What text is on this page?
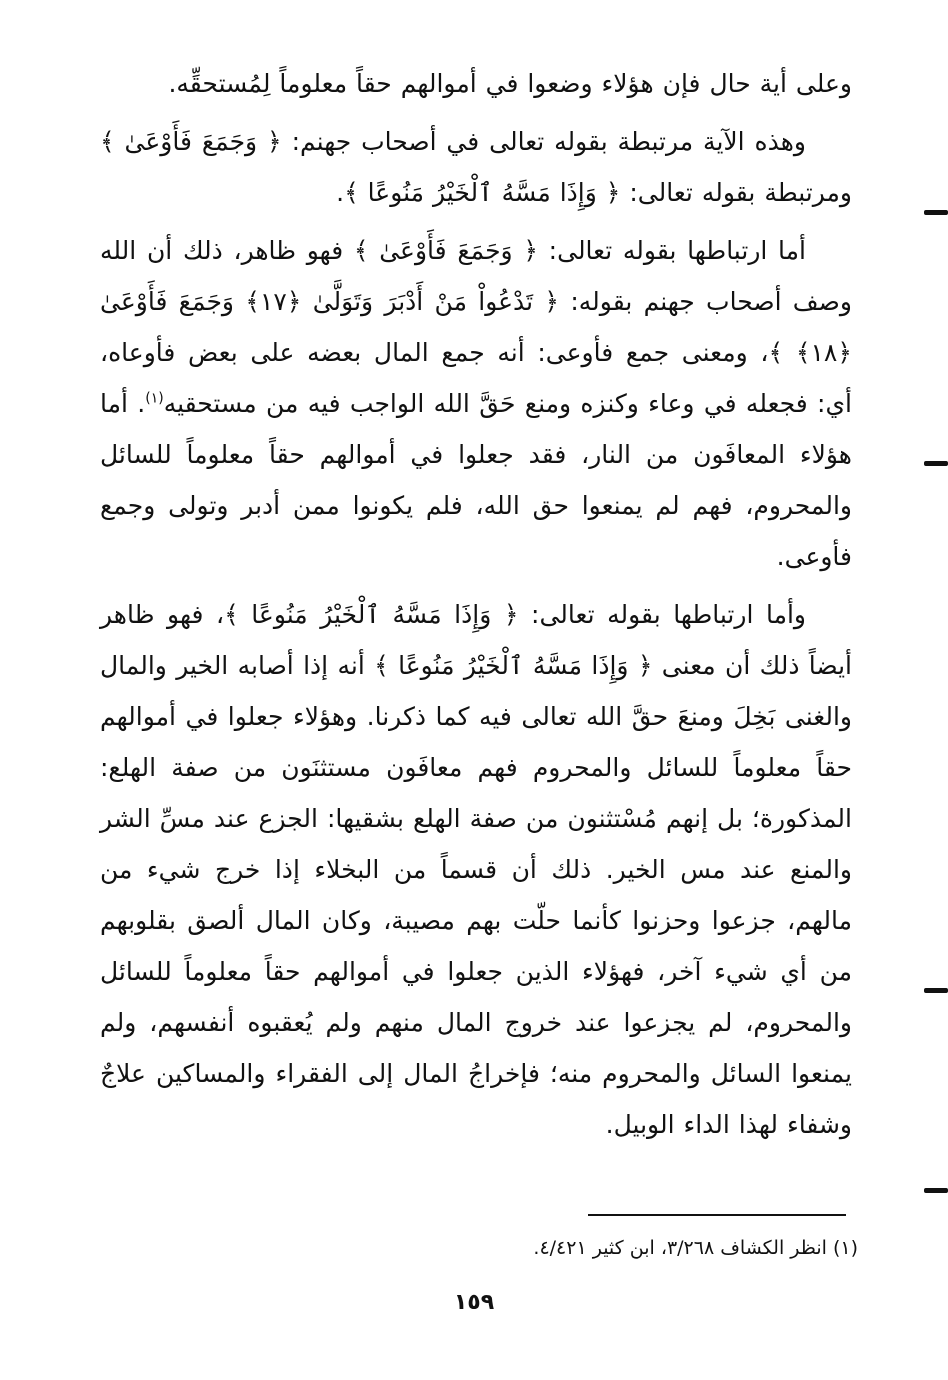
وعلى أية حال فإن هؤلاء وضعوا في أموالهم حقاً معلوماً لِمُستحقِّه.

وهذه الآية مرتبطة بقوله تعالى في أصحاب جهنم: ﴿ وَجَمَعَ فَأَوْعَىٰ ﴾ ومرتبطة بقوله تعالى: ﴿ وَإِذَا مَسَّهُ ٱلْخَيْرُ مَنُوعًا ﴾.

أما ارتباطها بقوله تعالى: ﴿ وَجَمَعَ فَأَوْعَىٰ ﴾ فهو ظاهر، ذلك أن الله وصف أصحاب جهنم بقوله: ﴿ تَدْعُواْ مَنْ أَدْبَرَ وَتَوَلَّىٰ ﴿١٧﴾ وَجَمَعَ فَأَوْعَىٰ ﴿١٨﴾ ﴾، ومعنى جمع فأوعى: أنه جمع المال بعضه على بعض فأوعاه، أي: فجعله في وعاء وكنزه ومنع حَقَّ الله الواجب فيه من مستحقيه$^{(١)}$. أما هؤلاء المعافَون من النار، فقد جعلوا في أموالهم حقاً معلوماً للسائل والمحروم، فهم لم يمنعوا حق الله، فلم يكونوا ممن أدبر وتولى وجمع فأوعى.

وأما ارتباطها بقوله تعالى: ﴿ وَإِذَا مَسَّهُ ٱلْخَيْرُ مَنُوعًا ﴾، فهو ظاهر أيضاً ذلك أن معنى ﴿ وَإِذَا مَسَّهُ ٱلْخَيْرُ مَنُوعًا ﴾ أنه إذا أصابه الخير والمال والغنى بَخِلَ ومنعَ حقَّ الله تعالى فيه كما ذكرنا. وهؤلاء جعلوا في أموالهم حقاً معلوماً للسائل والمحروم فهم معافَون مستثنَون من صفة الهلع: المذكورة؛ بل إنهم مُسْتثنون من صفة الهلع بشقيها: الجزع عند مسِّ الشر والمنع عند مس الخير. ذلك أن قسماً من البخلاء إذا خرج شيء من مالهم، جزعوا وحزنوا كأنما حلّت بهم مصيبة، وكان المال ألصق بقلوبهم من أي شيء آخر، فهؤلاء الذين جعلوا في أموالهم حقاً معلوماً للسائل والمحروم، لم يجزعوا عند خروج المال منهم ولم يُعقبوه أنفسهم، ولم يمنعوا السائل والمحروم منه؛ فإخراجُ المال إلى الفقراء والمساكين علاجٌ وشفاء لهذا الداء الوبيل.

(١) انظر الكشاف ٣/٢٦٨، ابن كثير ٤/٤٢١.
١٥٩
